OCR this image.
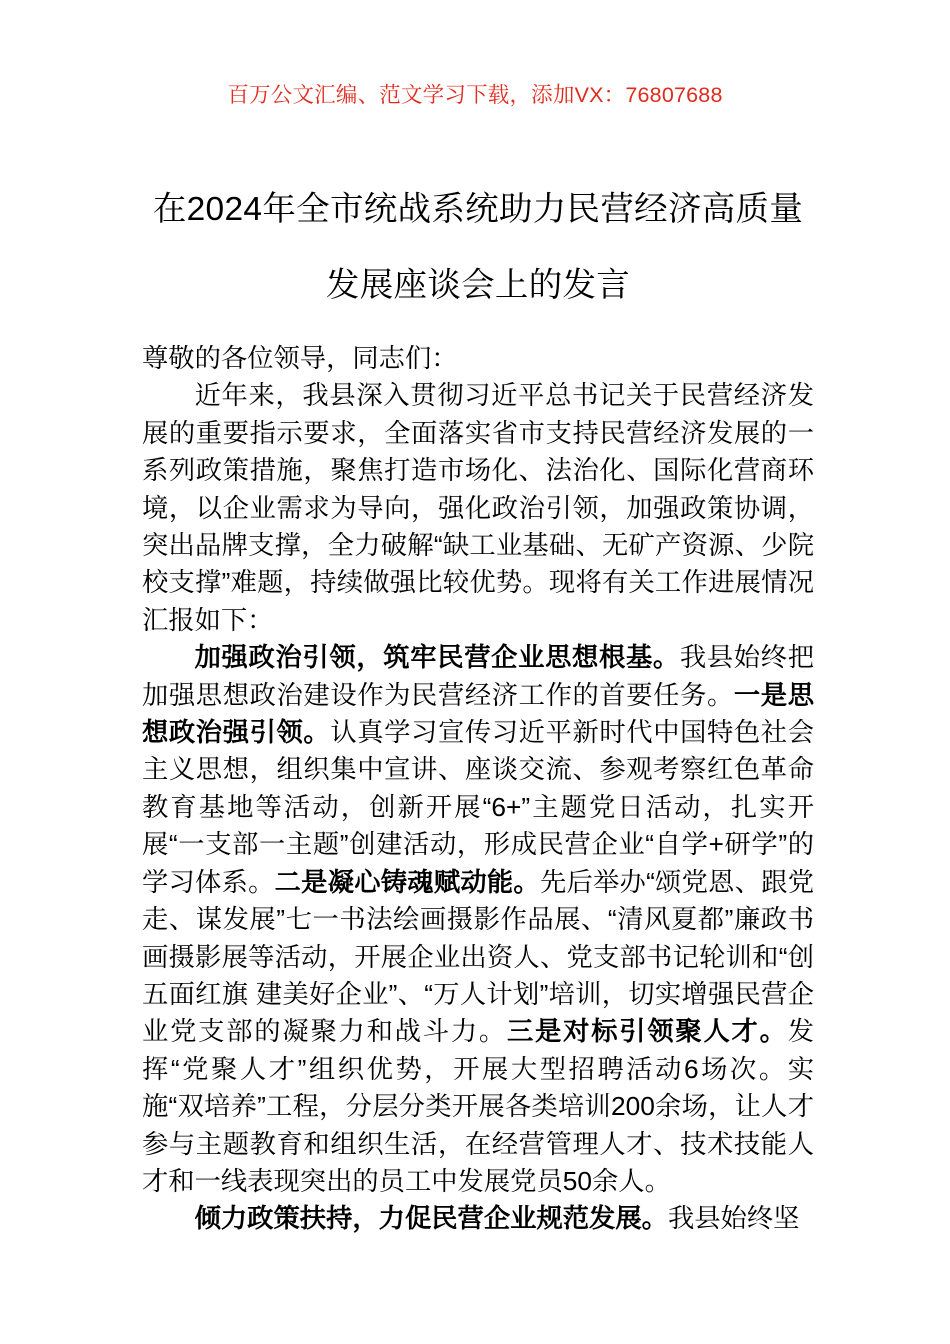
百万公文汇编、范文学习下载，添加VX：76807688
在2024年全市统战系统助力民营经济高质量发展座谈会上的发言

尊敬的各位领导，同志们：

近年来，我县深入贯彻习近平总书记关于民营经济发展的重要指示要求，全面落实省市支持民营经济发展的一系列政策措施，聚焦打造市场化、法治化、国际化营商环境，以企业需求为导向，强化政治引领，加强政策协调，突出品牌支撑，全力破解“缺工业基础、无矿产资源、少院校支撑”难题，持续做强比较优势。现将有关工作进展情况汇报如下：

加强政治引领，筑牢民营企业思想根基。我县始终把加强思想政治建设作为民营经济工作的首要任务。一是思想政治强引领。认真学习宣传习近平新时代中国特色社会主义思想，组织集中宣讲、座谈交流、参观考察红色革命教育基地等活动，创新开展“6+”主题党日活动，扎实开展“一支部一主题”创建活动，形成民营企业“自学+研学”的学习体系。二是凝心铸魂赋动能。先后举办“颂党恩、跟党走、谋发展”七一书法绘画摄影作品展、“清风夏都”廉政书画摄影展等活动，开展企业出资人、党支部书记轮训和“创五面红旗 建美好企业”、“万人计划”培训，切实增强民营企业党支部的凝聚力和战斗力。三是对标引领聚人才。发挥“党聚人才”组织优势，开展大型招聘活动6场次。实施“双培养”工程，分层分类开展各类培训200余场，让人才参与主题教育和组织生活，在经营管理人才、技术技能人才和一线表现突出的员工中发展党员50余人。

倾力政策扶持，力促民营企业规范发展。我县始终坚
